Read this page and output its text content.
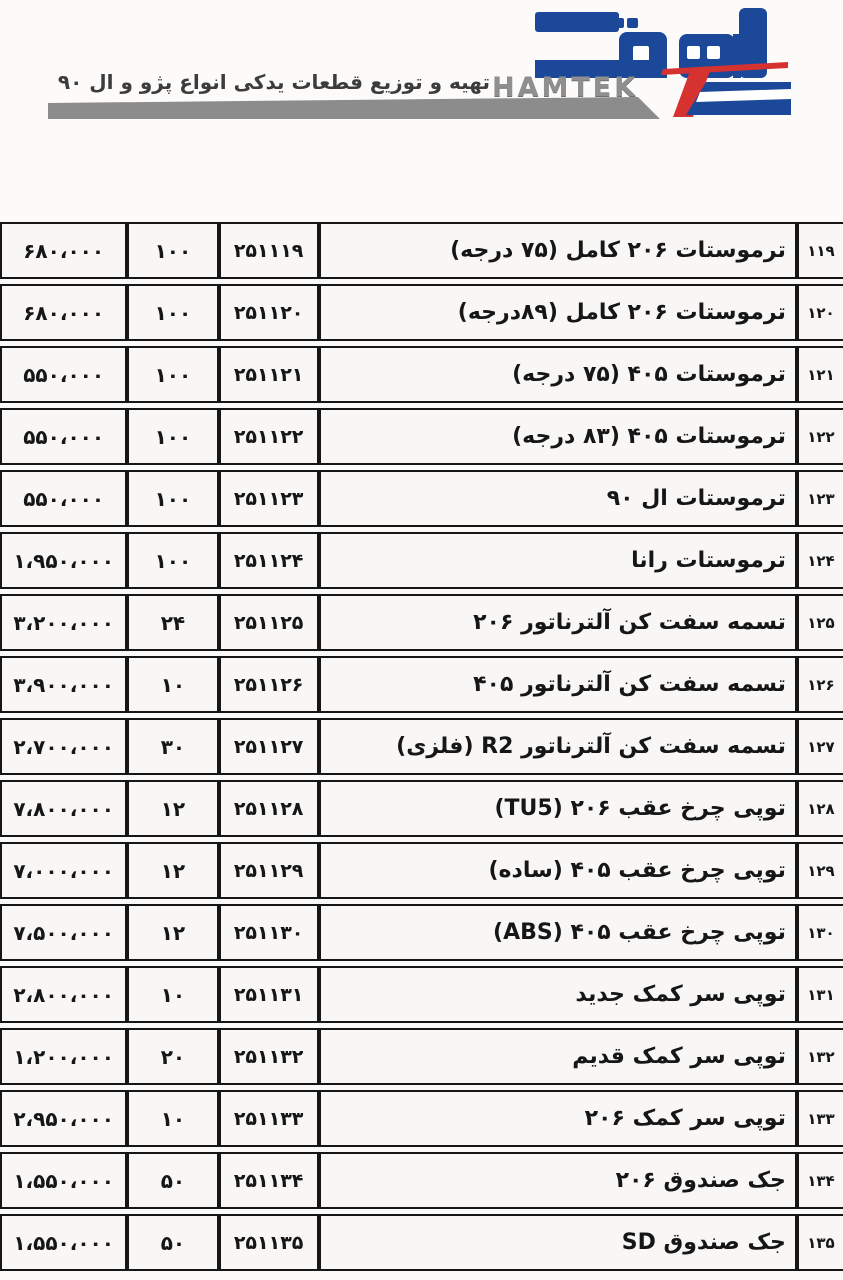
تهیه و توزیع قطعات یدکی انواع پژو و ال ۹۰ HAMTEK
۶۸۰،۰۰۰	۱۰۰	۲۵۱۱۱۹	ترموستات ۲۰۶ کامل (۷۵ درجه)	۱۱۹
۶۸۰،۰۰۰	۱۰۰	۲۵۱۱۲۰	ترموستات ۲۰۶ کامل (۸۹درجه)	۱۲۰
۵۵۰،۰۰۰	۱۰۰	۲۵۱۱۲۱	ترموستات ۴۰۵ (۷۵ درجه)	۱۲۱
۵۵۰،۰۰۰	۱۰۰	۲۵۱۱۲۲	ترموستات ۴۰۵ (۸۳ درجه)	۱۲۲
۵۵۰،۰۰۰	۱۰۰	۲۵۱۱۲۳	ترموستات ال ۹۰	۱۲۳
۱،۹۵۰،۰۰۰	۱۰۰	۲۵۱۱۲۴	ترموستات رانا	۱۲۴
۳،۲۰۰،۰۰۰	۲۴	۲۵۱۱۲۵	تسمه سفت کن آلترناتور ۲۰۶	۱۲۵
۳،۹۰۰،۰۰۰	۱۰	۲۵۱۱۲۶	تسمه سفت کن آلترناتور ۴۰۵	۱۲۶
۲،۷۰۰،۰۰۰	۳۰	۲۵۱۱۲۷	تسمه سفت کن آلترناتور R2 (فلزی)	۱۲۷
۷،۸۰۰،۰۰۰	۱۲	۲۵۱۱۲۸	توپی چرخ عقب ۲۰۶ (TU5)	۱۲۸
۷،۰۰۰،۰۰۰	۱۲	۲۵۱۱۲۹	توپی چرخ عقب ۴۰۵ (ساده)	۱۲۹
۷،۵۰۰،۰۰۰	۱۲	۲۵۱۱۳۰	توپی چرخ عقب ۴۰۵ (ABS)	۱۳۰
۲،۸۰۰،۰۰۰	۱۰	۲۵۱۱۳۱	توپی سر کمک جدید	۱۳۱
۱،۲۰۰،۰۰۰	۲۰	۲۵۱۱۳۲	توپی سر کمک قدیم	۱۳۲
۲،۹۵۰،۰۰۰	۱۰	۲۵۱۱۳۳	توپی سر کمک ۲۰۶	۱۳۳
۱،۵۵۰،۰۰۰	۵۰	۲۵۱۱۳۴	جک صندوق ۲۰۶	۱۳۴
۱،۵۵۰،۰۰۰	۵۰	۲۵۱۱۳۵	جک صندوق SD	۱۳۵
